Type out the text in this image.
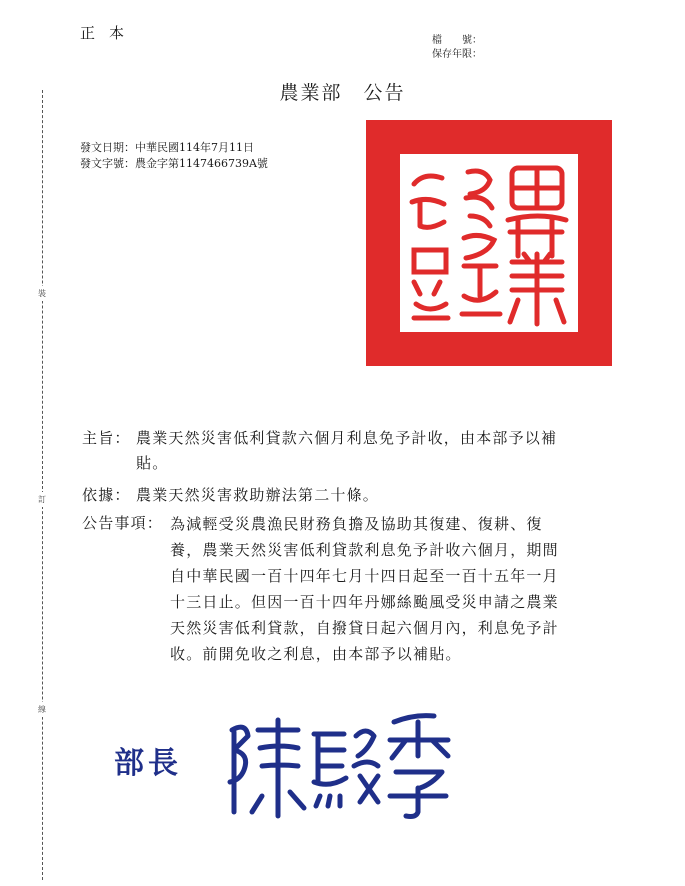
正本	檔　　號：
保存年限：
裝
訂
線
農業部　公告
發文日期：中華民國114年7月11日
發文字號：農金字第1147466739A號
主旨： 農業天然災害低利貸款六個月利息免予計收，由本部予以補
貼。
依據： 農業天然災害救助辦法第二十條。
公告事項： 為減輕受災農漁民財務負擔及協助其復建、復耕、復
養，農業天然災害低利貸款利息免予計收六個月，期間
自中華民國一百十四年七月十四日起至一百十五年一月
十三日止。但因一百十四年丹娜絲颱風受災申請之農業
天然災害低利貸款，自撥貸日起六個月內，利息免予計
收。前開免收之利息，由本部予以補貼。
部長
